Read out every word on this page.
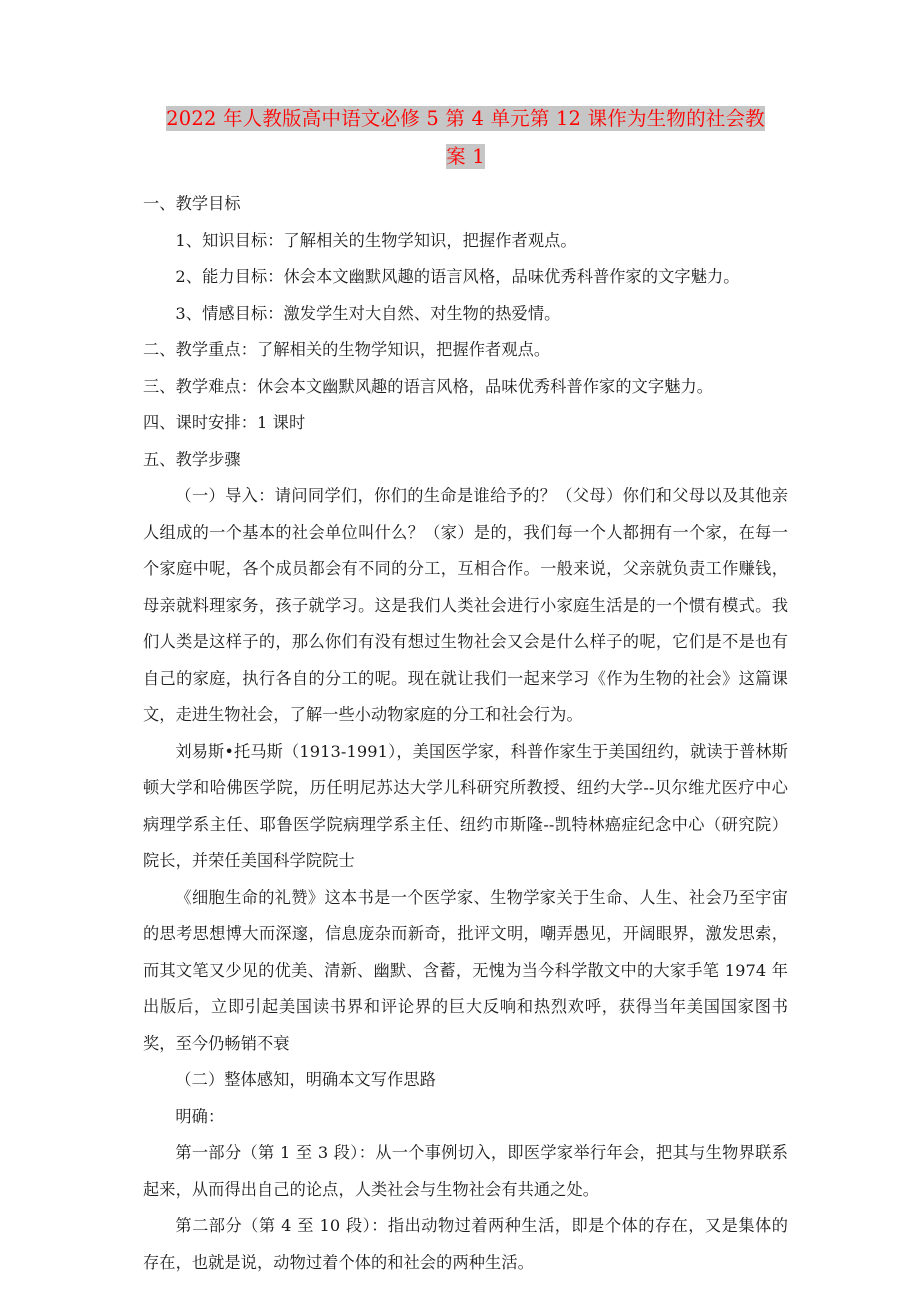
2022 年人教版高中语文必修 5 第 4 单元第 12 课作为生物的社会教
案 1

一、教学目标

1、知识目标：了解相关的生物学知识，把握作者观点。

2、能力目标：休会本文幽默风趣的语言风格，品味优秀科普作家的文字魅力。

3、情感目标：激发学生对大自然、对生物的热爱情。

二、教学重点：了解相关的生物学知识，把握作者观点。

三、教学难点：休会本文幽默风趣的语言风格，品味优秀科普作家的文字魅力。

四、课时安排：1 课时

五、教学步骤

（一）导入：请问同学们，你们的生命是谁给予的？（父母）你们和父母以及其他亲人组成的一个基本的社会单位叫什么？（家）是的，我们每一个人都拥有一个家，在每一个家庭中呢，各个成员都会有不同的分工，互相合作。一般来说，父亲就负责工作赚钱，母亲就料理家务，孩子就学习。这是我们人类社会进行小家庭生活是的一个惯有模式。我们人类是这样子的，那么你们有没有想过生物社会又会是什么样子的呢，它们是不是也有自己的家庭，执行各自的分工的呢。现在就让我们一起来学习《作为生物的社会》这篇课文，走进生物社会，了解一些小动物家庭的分工和社会行为。

刘易斯•托马斯（1913-1991），美国医学家，科普作家生于美国纽约，就读于普林斯顿大学和哈佛医学院，历任明尼苏达大学儿科研究所教授、纽约大学--贝尔维尤医疗中心病理学系主任、耶鲁医学院病理学系主任、纽约市斯隆--凯特林癌症纪念中心（研究院）院长，并荣任美国科学院院士

《细胞生命的礼赞》这本书是一个医学家、生物学家关于生命、人生、社会乃至宇宙的思考思想博大而深邃，信息庞杂而新奇，批评文明，嘲弄愚见，开阔眼界，激发思索，而其文笔又少见的优美、清新、幽默、含蓄，无愧为当今科学散文中的大家手笔 1974 年出版后，立即引起美国读书界和评论界的巨大反响和热烈欢呼，获得当年美国国家图书奖，至今仍畅销不衰

（二）整体感知，明确本文写作思路

明确：

第一部分（第 1 至 3 段）：从一个事例切入，即医学家举行年会，把其与生物界联系起来，从而得出自己的论点，人类社会与生物社会有共通之处。

第二部分（第 4 至 10 段）：指出动物过着两种生活，即是个体的存在，又是集体的存在，也就是说，动物过着个体的和社会的两种生活。
